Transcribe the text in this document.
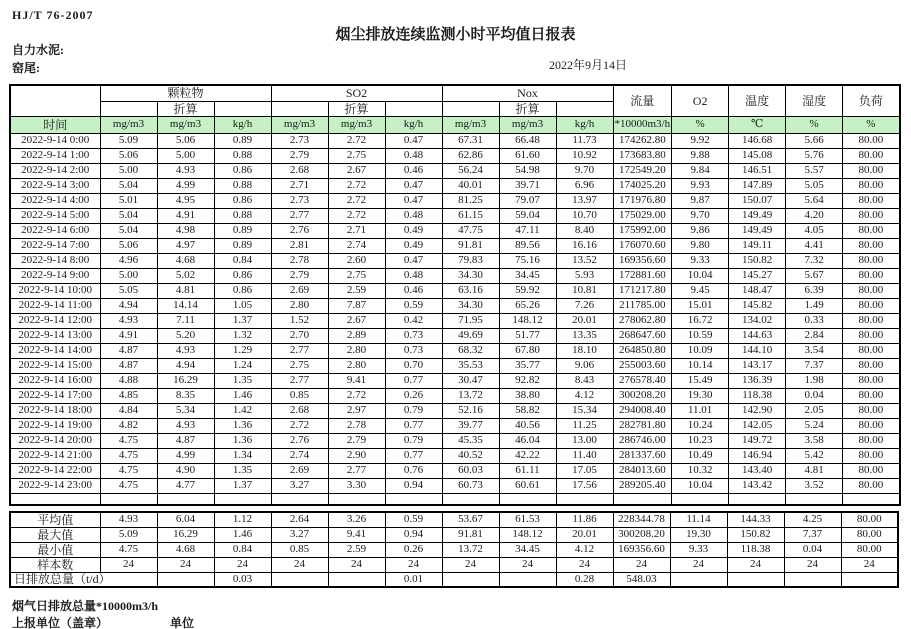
HJ/T 76-2007
烟尘排放连续监测小时平均值日报表
自力水泥:
窑尾:	2022年9月14日
	颗粒物			SO2			Nox			流量	O2	温度	湿度	负荷
		折算			折算			折算						
时间	mg/m3	mg/m3	kg/h	mg/m3	mg/m3	kg/h	mg/m3	mg/m3	kg/h	*10000m3/h	%	℃	%	%
2022-9-14 0:00	5.09	5.06	0.89	2.73	2.72	0.47	67.31	66.48	11.73	174262.80	9.92	146.68	5.66	80.00
2022-9-14 1:00	5.06	5.00	0.88	2.79	2.75	0.48	62.86	61.60	10.92	173683.80	9.88	145.08	5.76	80.00
2022-9-14 2:00	5.00	4.93	0.86	2.68	2.67	0.46	56.24	54.98	9.70	172549.20	9.84	146.51	5.57	80.00
2022-9-14 3:00	5.04	4.99	0.88	2.71	2.72	0.47	40.01	39.71	6.96	174025.20	9.93	147.89	5.05	80.00
2022-9-14 4:00	5.01	4.95	0.86	2.73	2.72	0.47	81.25	79.07	13.97	171976.80	9.87	150.07	5.64	80.00
2022-9-14 5:00	5.04	4.91	0.88	2.77	2.72	0.48	61.15	59.04	10.70	175029.00	9.70	149.49	4.20	80.00
2022-9-14 6:00	5.04	4.98	0.89	2.76	2.71	0.49	47.75	47.11	8.40	175992.00	9.86	149.49	4.05	80.00
2022-9-14 7:00	5.06	4.97	0.89	2.81	2.74	0.49	91.81	89.56	16.16	176070.60	9.80	149.11	4.41	80.00
2022-9-14 8:00	4.96	4.68	0.84	2.78	2.60	0.47	79.83	75.16	13.52	169356.60	9.33	150.82	7.32	80.00
2022-9-14 9:00	5.00	5.02	0.86	2.79	2.75	0.48	34.30	34.45	5.93	172881.60	10.04	145.27	5.67	80.00
2022-9-14 10:00	5.05	4.81	0.86	2.69	2.59	0.46	63.16	59.92	10.81	171217.80	9.45	148.47	6.39	80.00
2022-9-14 11:00	4.94	14.14	1.05	2.80	7.87	0.59	34.30	65.26	7.26	211785.00	15.01	145.82	1.49	80.00
2022-9-14 12:00	4.93	7.11	1.37	1.52	2.67	0.42	71.95	148.12	20.01	278062.80	16.72	134.02	0.33	80.00
2022-9-14 13:00	4.91	5.20	1.32	2.70	2.89	0.73	49.69	51.77	13.35	268647.60	10.59	144.63	2.84	80.00
2022-9-14 14:00	4.87	4.93	1.29	2.77	2.80	0.73	68.32	67.80	18.10	264850.80	10.09	144.10	3.54	80.00
2022-9-14 15:00	4.87	4.94	1.24	2.75	2.80	0.70	35.53	35.77	9.06	255003.60	10.14	143.17	7.37	80.00
2022-9-14 16:00	4.88	16.29	1.35	2.77	9.41	0.77	30.47	92.82	8.43	276578.40	15.49	136.39	1.98	80.00
2022-9-14 17:00	4.85	8.35	1.46	0.85	2.72	0.26	13.72	38.80	4.12	300208.20	19.30	118.38	0.04	80.00
2022-9-14 18:00	4.84	5.34	1.42	2.68	2.97	0.79	52.16	58.82	15.34	294008.40	11.01	142.90	2.05	80.00
2022-9-14 19:00	4.82	4.93	1.36	2.72	2.78	0.77	39.77	40.56	11.25	282781.80	10.24	142.05	5.24	80.00
2022-9-14 20:00	4.75	4.87	1.36	2.76	2.79	0.79	45.35	46.04	13.00	286746.00	10.23	149.72	3.58	80.00
2022-9-14 21:00	4.75	4.99	1.34	2.74	2.90	0.77	40.52	42.22	11.40	281337.60	10.49	146.94	5.42	80.00
2022-9-14 22:00	4.75	4.90	1.35	2.69	2.77	0.76	60.03	61.11	17.05	284013.60	10.32	143.40	4.81	80.00
2022-9-14 23:00	4.75	4.77	1.37	3.27	3.30	0.94	60.73	60.61	17.56	289205.40	10.04	143.42	3.52	80.00

平均值	4.93	6.04	1.12	2.64	3.26	0.59	53.67	61.53	11.86	228344.78	11.14	144.33	4.25	80.00
最大值	5.09	16.29	1.46	3.27	9.41	0.94	91.81	148.12	20.01	300208.20	19.30	150.82	7.37	80.00
最小值	4.75	4.68	0.84	0.85	2.59	0.26	13.72	34.45	4.12	169356.60	9.33	118.38	0.04	80.00
样本数	24	24	24	24	24	24	24	24	24	24	24	24	24	24
日排放总量（t/d）			0.03			0.01			0.28	548.03				
烟气日排放总量*10000m3/h
上报单位（盖章）	单位
